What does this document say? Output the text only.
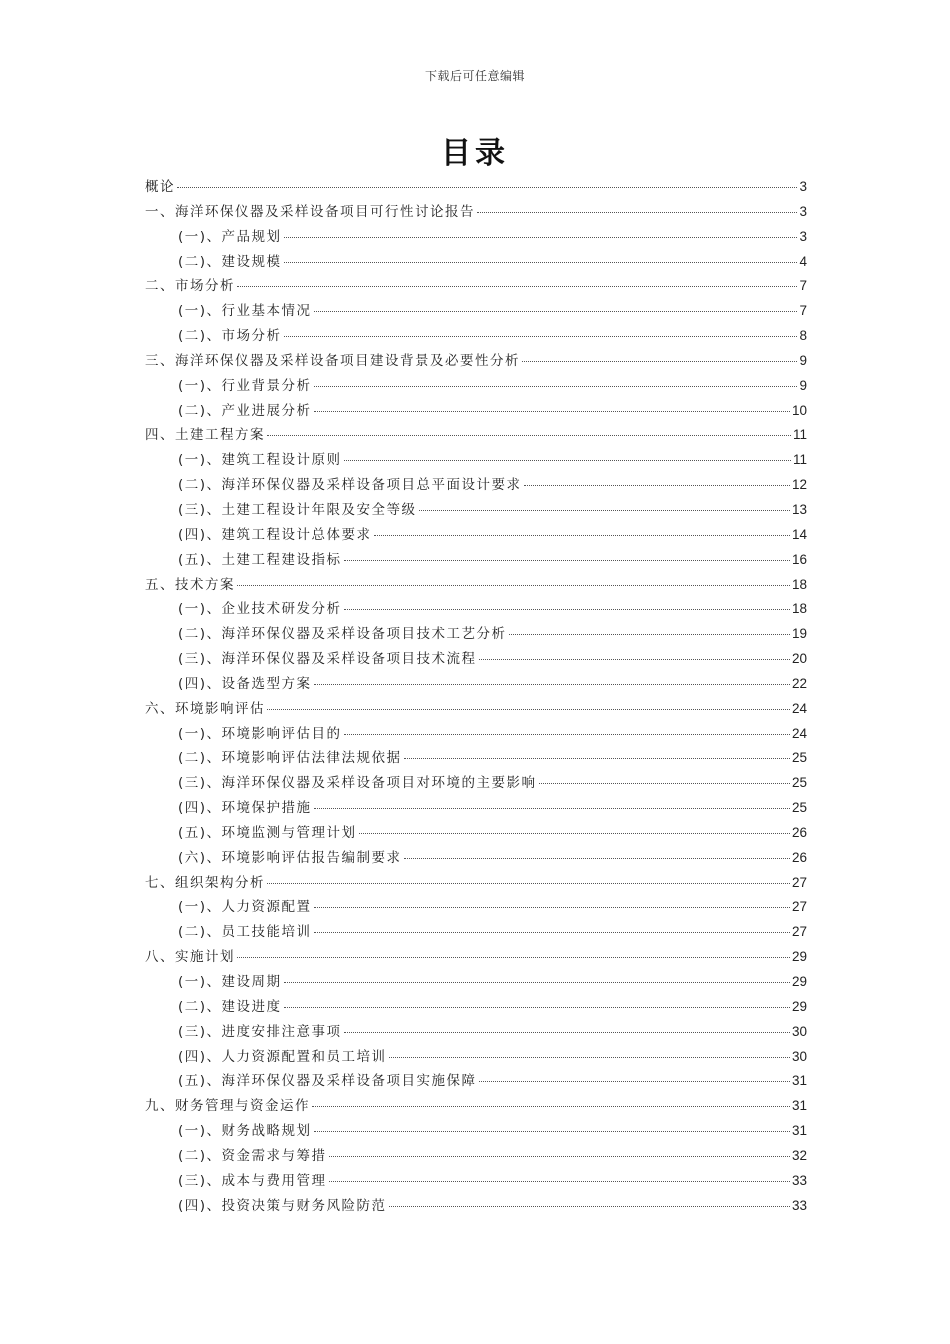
下载后可任意编辑
目录
概论	3
一、海洋环保仪器及采样设备项目可行性讨论报告	3
(一)、产品规划	3
(二)、建设规模	4
二、市场分析	7
(一)、行业基本情况	7
(二)、市场分析	8
三、海洋环保仪器及采样设备项目建设背景及必要性分析	9
(一)、行业背景分析	9
(二)、产业进展分析	10
四、土建工程方案	11
(一)、建筑工程设计原则	11
(二)、海洋环保仪器及采样设备项目总平面设计要求	12
(三)、土建工程设计年限及安全等级	13
(四)、建筑工程设计总体要求	14
(五)、土建工程建设指标	16
五、技术方案	18
(一)、企业技术研发分析	18
(二)、海洋环保仪器及采样设备项目技术工艺分析	19
(三)、海洋环保仪器及采样设备项目技术流程	20
(四)、设备选型方案	22
六、环境影响评估	24
(一)、环境影响评估目的	24
(二)、环境影响评估法律法规依据	25
(三)、海洋环保仪器及采样设备项目对环境的主要影响	25
(四)、环境保护措施	25
(五)、环境监测与管理计划	26
(六)、环境影响评估报告编制要求	26
七、组织架构分析	27
(一)、人力资源配置	27
(二)、员工技能培训	27
八、实施计划	29
(一)、建设周期	29
(二)、建设进度	29
(三)、进度安排注意事项	30
(四)、人力资源配置和员工培训	30
(五)、海洋环保仪器及采样设备项目实施保障	31
九、财务管理与资金运作	31
(一)、财务战略规划	31
(二)、资金需求与筹措	32
(三)、成本与费用管理	33
(四)、投资决策与财务风险防范	33
